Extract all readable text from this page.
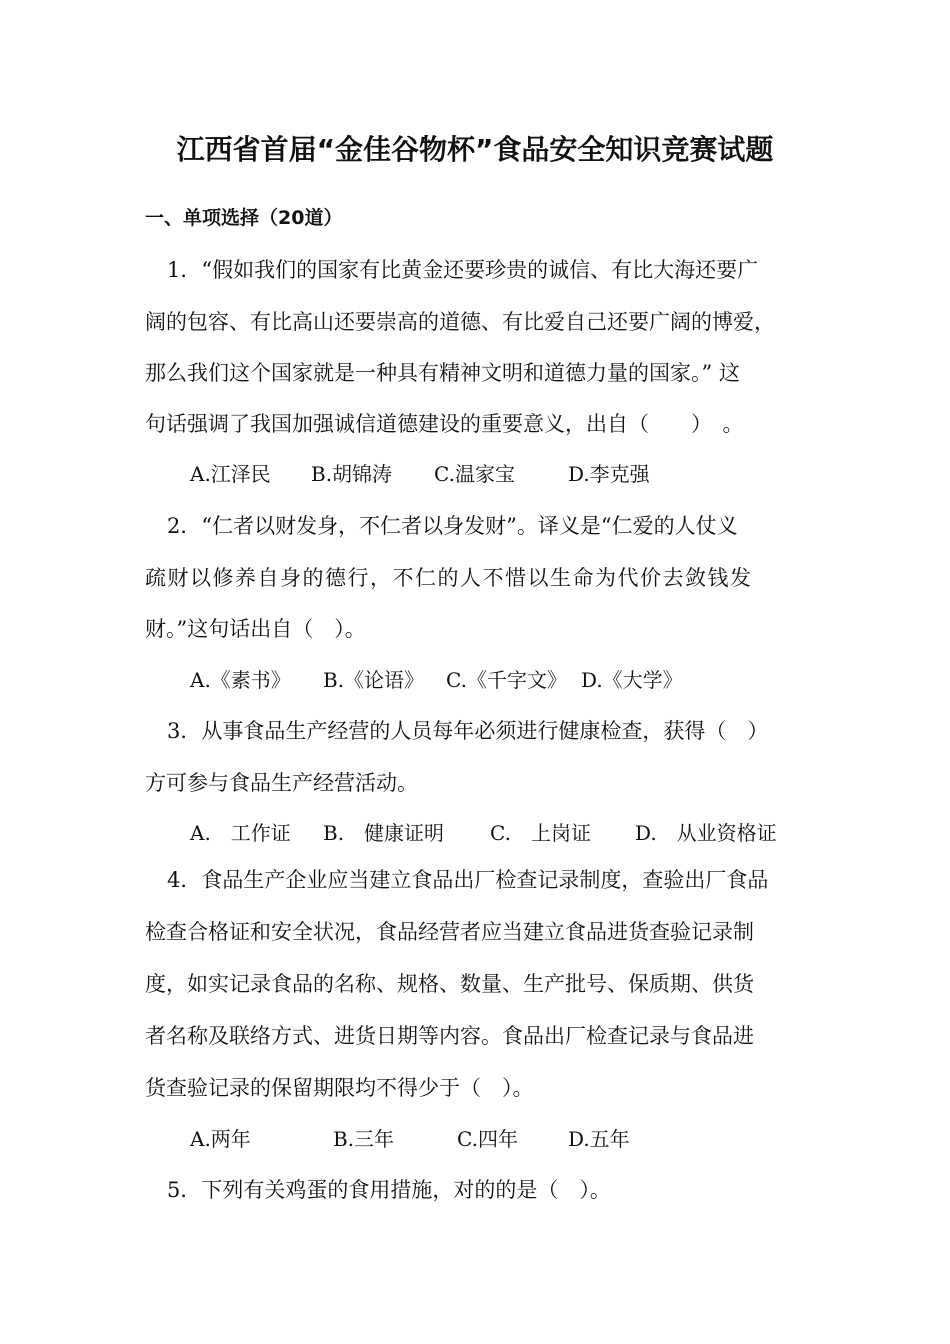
江西省首届“金佳谷物杯”食品安全知识竞赛试题
一、单项选择（20道）
1．“假如我们的国家有比黄金还要珍贵的诚信、有比大海还要广
阔的包容、有比高山还要崇高的道德、有比爱自己还要广阔的博爱，
那么我们这个国家就是一种具有精神文明和道德力量的国家。” 这
句话强调了我国加强诚信道德建设的重要意义，出自（　　）　。
A.江泽民 B.胡锦涛 C.温家宝	D.李克强
2．“仁者以财发身，不仁者以身发财”。译义是“仁爱的人仗义
疏财以修养自身的德行，不仁的人不惜以生命为代价去敛钱发
财。”这句话出自（　）。
A.《素书》 B.《论语》 C.《千字文》 D.《大学》
3．从事食品生产经营的人员每年必须进行健康检查，获得（　）
方可参与食品生产经营活动。
A.　工作证 B.　健康证明 C.　上岗证 D.　从业资格证
4．食品生产企业应当建立食品出厂检查记录制度，查验出厂食品
检查合格证和安全状况，食品经营者应当建立食品进货查验记录制
度，如实记录食品的名称、规格、数量、生产批号、保质期、供货
者名称及联络方式、进货日期等内容。食品出厂检查记录与食品进
货查验记录的保留期限均不得少于（　）。
A.两年	B.三年	C.四年	D.五年
5．下列有关鸡蛋的食用措施，对的的是（　）。
